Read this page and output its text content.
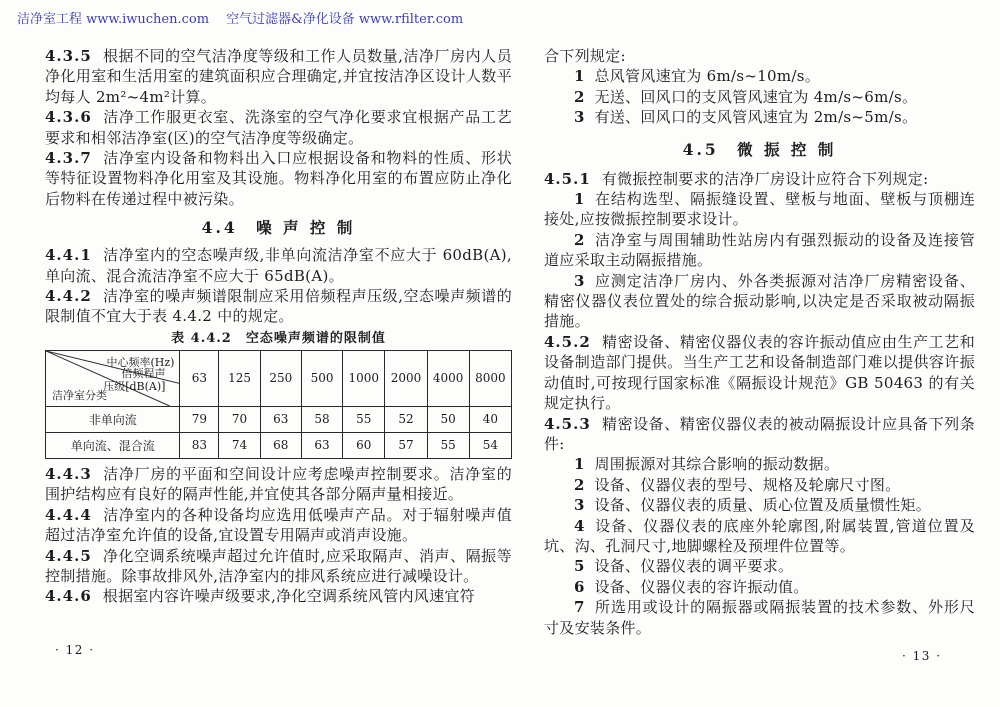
洁净室工程 www.iwuchen.com　 空气过滤器&净化设备 www.rfilter.com

4.3.5 根据不同的空气洁净度等级和工作人员数量,洁净厂房内人员净化用室和生活用室的建筑面积应合理确定,并宜按洁净区设计人数平均每人 2m²~4m²计算。

4.3.6 洁净工作服更衣室、洗涤室的空气净化要求宜根据产品工艺要求和相邻洁净室(区)的空气洁净度等级确定。

4.3.7 洁净室内设备和物料出入口应根据设备和物料的性质、形状等特征设置物料净化用室及其设施。物料净化用室的布置应防止净化后物料在传递过程中被污染。

4.4　噪 声 控 制

4.4.1 洁净室内的空态噪声级,非单向流洁净室不应大于 60dB(A),单向流、混合流洁净室不应大于 65dB(A)。

4.4.2 洁净室的噪声频谱限制应采用倍频程声压级,空态噪声频谱的限制值不宜大于表 4.4.2 中的规定。

表 4.4.2　空态噪声频谱的限制值
中心频率(Hz)
倍频程声
压级[dB(A)]
洁净室分类	63	125	250	500	1000	2000	4000	8000
非单向流	79	70	63	58	55	52	50	40
单向流、混合流	83	74	68	63	60	57	55	54

4.4.3 洁净厂房的平面和空间设计应考虑噪声控制要求。洁净室的围护结构应有良好的隔声性能,并宜使其各部分隔声量相接近。

4.4.4 洁净室内的各种设备均应选用低噪声产品。对于辐射噪声值超过洁净室允许值的设备,宜设置专用隔声或消声设施。

4.4.5 净化空调系统噪声超过允许值时,应采取隔声、消声、隔振等控制措施。除事故排风外,洁净室内的排风系统应进行减噪设计。

4.4.6 根据室内容许噪声级要求,净化空调系统风管内风速宜符

合下列规定:

1 总风管风速宜为 6m/s~10m/s。

2 无送、回风口的支风管风速宜为 4m/s~6m/s。

3 有送、回风口的支风管风速宜为 2m/s~5m/s。

4.5　微 振 控 制

4.5.1 有微振控制要求的洁净厂房设计应符合下列规定:

1 在结构选型、隔振缝设置、壁板与地面、壁板与顶棚连接处,应按微振控制要求设计。

2 洁净室与周围辅助性站房内有强烈振动的设备及连接管道应采取主动隔振措施。

3 应测定洁净厂房内、外各类振源对洁净厂房精密设备、精密仪器仪表位置处的综合振动影响,以决定是否采取被动隔振措施。

4.5.2 精密设备、精密仪器仪表的容许振动值应由生产工艺和设备制造部门提供。当生产工艺和设备制造部门难以提供容许振动值时,可按现行国家标准《隔振设计规范》GB 50463 的有关规定执行。

4.5.3 精密设备、精密仪器仪表的被动隔振设计应具备下列条件:

1 周围振源对其综合影响的振动数据。

2 设备、仪器仪表的型号、规格及轮廓尺寸图。

3 设备、仪器仪表的质量、质心位置及质量惯性矩。

4 设备、仪器仪表的底座外轮廓图,附属装置,管道位置及坑、沟、孔洞尺寸,地脚螺栓及预埋件位置等。

5 设备、仪器仪表的调平要求。

6 设备、仪器仪表的容许振动值。

7 所选用或设计的隔振器或隔振装置的技术参数、外形尺寸及安装条件。

· 12 ·	· 13 ·
